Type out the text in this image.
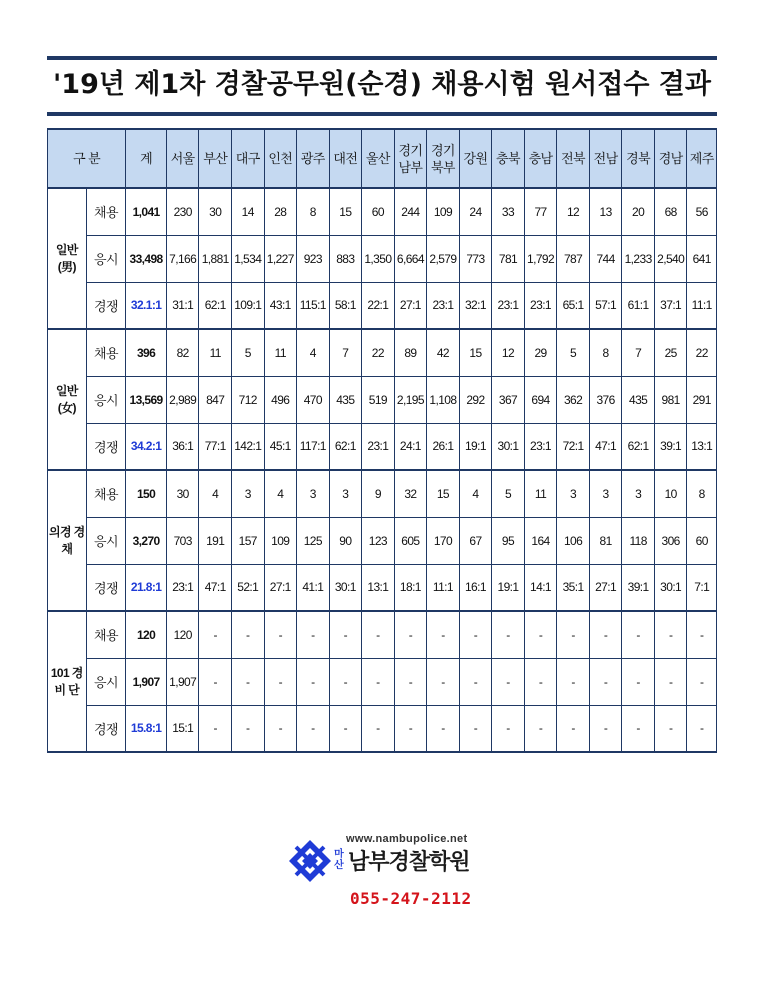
'19년 제1차 경찰공무원(순경) 채용시험 원서접수 결과
구 분		계	서울	부산	대구	인천	광주	대전	울산	경기 남부	경기 북부	강원	충북	충남	전북	전남	경북	경남	제주
일반 (男)	채용	1,041	230	30	14	28	8	15	60	244	109	24	33	77	12	13	20	68	56
	응시	33,498	7,166	1,881	1,534	1,227	923	883	1,350	6,664	2,579	773	781	1,792	787	744	1,233	2,540	641
	경쟁	32.1:1	31:1	62:1	109:1	43:1	115:1	58:1	22:1	27:1	23:1	32:1	23:1	23:1	65:1	57:1	61:1	37:1	11:1
일반 (女)	채용	396	82	11	5	11	4	7	22	89	42	15	12	29	5	8	7	25	22
	응시	13,569	2,989	847	712	496	470	435	519	2,195	1,108	292	367	694	362	376	435	981	291
	경쟁	34.2:1	36:1	77:1	142:1	45:1	117:1	62:1	23:1	24:1	26:1	19:1	30:1	23:1	72:1	47:1	62:1	39:1	13:1
의경 경채	채용	150	30	4	3	4	3	3	9	32	15	4	5	11	3	3	3	10	8
	응시	3,270	703	191	157	109	125	90	123	605	170	67	95	164	106	81	118	306	60
	경쟁	21.8:1	23:1	47:1	52:1	27:1	41:1	30:1	13:1	18:1	11:1	16:1	19:1	14:1	35:1	27:1	39:1	30:1	7:1
101 경 비 단	채용	120	120	-	-	-	-	-	-	-	-	-	-	-	-	-	-	-	-
	응시	1,907	1,907	-	-	-	-	-	-	-	-	-	-	-	-	-	-	-	-
	경쟁	15.8:1	15:1	-	-	-	-	-	-	-	-	-	-	-	-	-	-	-	-
www.nambupolice.net
마산 남부경찰학원
055-247-2112
